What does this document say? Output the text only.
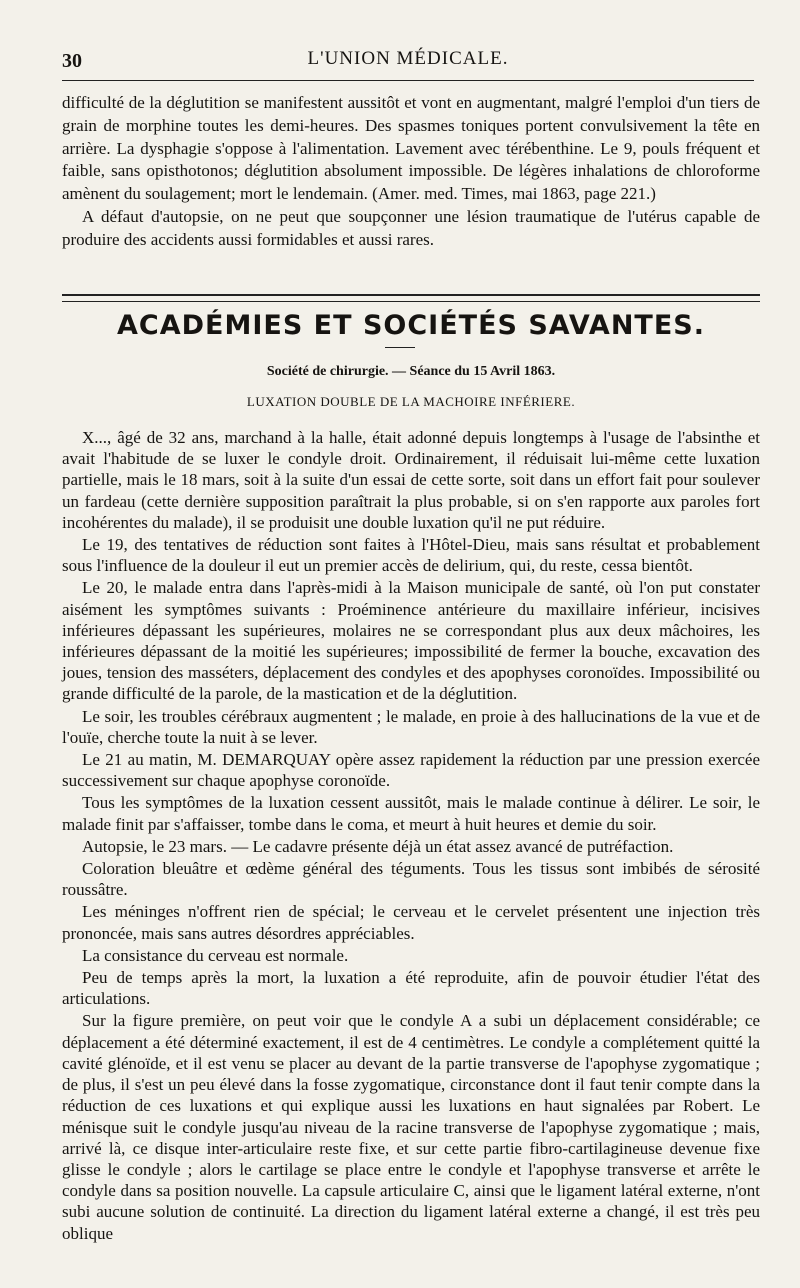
30	L'UNION MÉDICALE.

difficulté de la déglutition se manifestent aussitôt et vont en augmentant, malgré l'emploi d'un tiers de grain de morphine toutes les demi-heures. Des spasmes toniques portent convulsivement la tête en arrière. La dysphagie s'oppose à l'alimentation. Lavement avec térébenthine. Le 9, pouls fréquent et faible, sans opisthotonos; déglutition absolument impossible. De légères inhalations de chloroforme amènent du soulagement; mort le lendemain. (Amer. med. Times, mai 1863, page 221.)

A défaut d'autopsie, on ne peut que soupçonner une lésion traumatique de l'utérus capable de produire des accidents aussi formidables et aussi rares.

ACADÉMIES ET SOCIÉTÉS SAVANTES.
Société de chirurgie. — Séance du 15 Avril 1863.
LUXATION DOUBLE DE LA MACHOIRE INFÉRIERE.

X..., âgé de 32 ans, marchand à la halle, était adonné depuis longtemps à l'usage de l'absinthe et avait l'habitude de se luxer le condyle droit. Ordinairement, il réduisait lui-même cette luxation partielle, mais le 18 mars, soit à la suite d'un essai de cette sorte, soit dans un effort fait pour soulever un fardeau (cette dernière supposition paraîtrait la plus probable, si on s'en rapporte aux paroles fort incohérentes du malade), il se produisit une double luxation qu'il ne put réduire.

Le 19, des tentatives de réduction sont faites à l'Hôtel-Dieu, mais sans résultat et probablement sous l'influence de la douleur il eut un premier accès de delirium, qui, du reste, cessa bientôt.

Le 20, le malade entra dans l'après-midi à la Maison municipale de santé, où l'on put constater aisément les symptômes suivants : Proéminence antérieure du maxillaire inférieur, incisives inférieures dépassant les supérieures, molaires ne se correspondant plus aux deux mâchoires, les inférieures dépassant de la moitié les supérieures; impossibilité de fermer la bouche, excavation des joues, tension des masséters, déplacement des condyles et des apophyses coronoïdes. Impossibilité ou grande difficulté de la parole, de la mastication et de la déglutition.

Le soir, les troubles cérébraux augmentent ; le malade, en proie à des hallucinations de la vue et de l'ouïe, cherche toute la nuit à se lever.

Le 21 au matin, M. DEMARQUAY opère assez rapidement la réduction par une pression exercée successivement sur chaque apophyse coronoïde.

Tous les symptômes de la luxation cessent aussitôt, mais le malade continue à délirer. Le soir, le malade finit par s'affaisser, tombe dans le coma, et meurt à huit heures et demie du soir.

Autopsie, le 23 mars. — Le cadavre présente déjà un état assez avancé de putréfaction.

Coloration bleuâtre et œdème général des téguments. Tous les tissus sont imbibés de sérosité roussâtre.

Les méninges n'offrent rien de spécial; le cerveau et le cervelet présentent une injection très prononcée, mais sans autres désordres appréciables.

La consistance du cerveau est normale.

Peu de temps après la mort, la luxation a été reproduite, afin de pouvoir étudier l'état des articulations.

Sur la figure première, on peut voir que le condyle A a subi un déplacement considérable; ce déplacement a été déterminé exactement, il est de 4 centimètres. Le condyle a complétement quitté la cavité glénoïde, et il est venu se placer au devant de la partie transverse de l'apophyse zygomatique ; de plus, il s'est un peu élevé dans la fosse zygomatique, circonstance dont il faut tenir compte dans la réduction de ces luxations et qui explique aussi les luxations en haut signalées par Robert. Le ménisque suit le condyle jusqu'au niveau de la racine transverse de l'apophyse zygomatique ; mais, arrivé là, ce disque inter-articulaire reste fixe, et sur cette partie fibro-cartilagineuse devenue fixe glisse le condyle ; alors le cartilage se place entre le condyle et l'apophyse transverse et arrête le condyle dans sa position nouvelle. La capsule articulaire C, ainsi que le ligament latéral externe, n'ont subi aucune solution de continuité. La direction du ligament latéral externe a changé, il est très peu oblique
